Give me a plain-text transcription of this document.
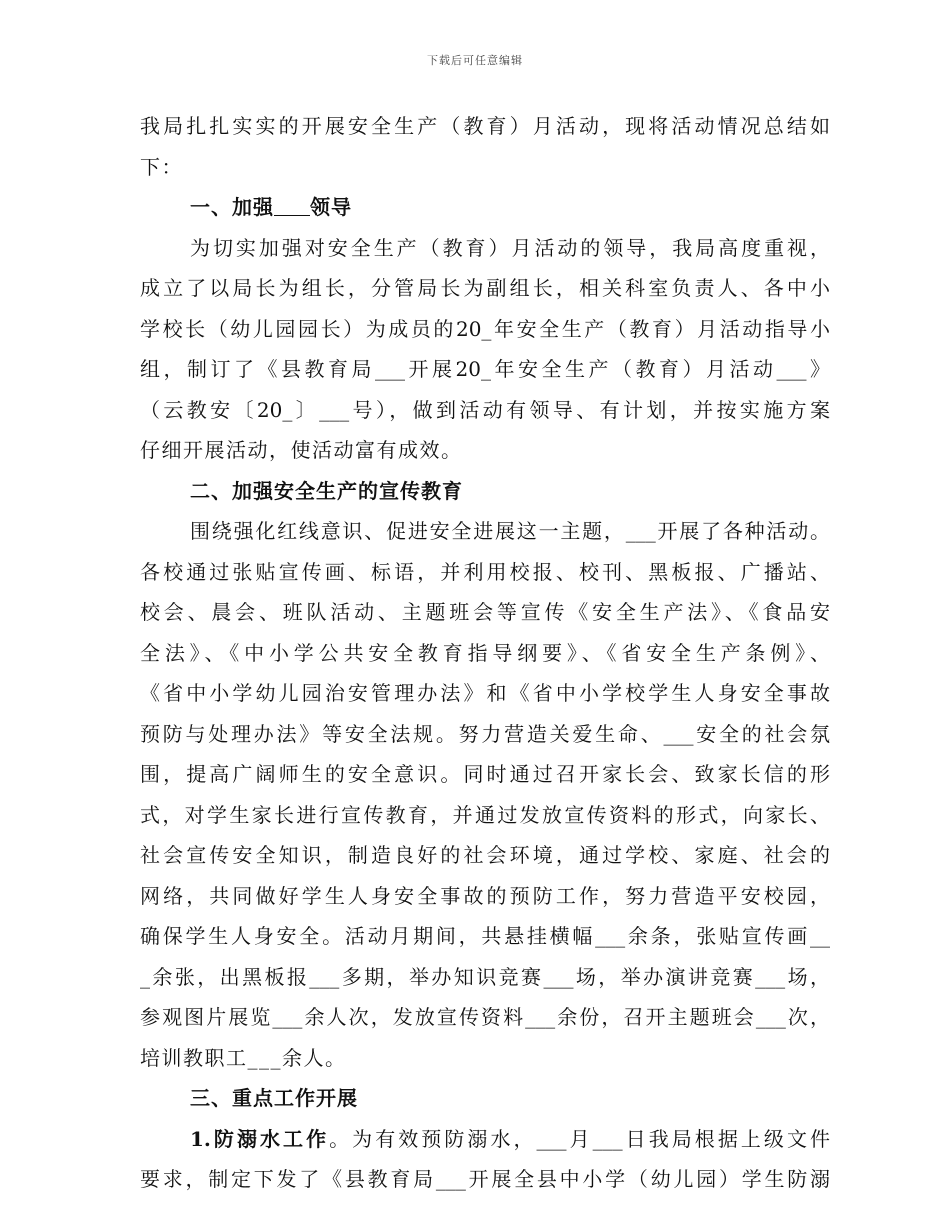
下载后可任意编辑
我局扎扎实实的开展安全生产（教育）月活动，现将活动情况总结如
下：
一、加强 领导
为切实加强对安全生产（教育）月活动的领导，我局高度重视，
成立了以局长为组长，分管局长为副组长，相关科室负责人、各中小
学校长（幼儿园园长）为成员的20_年安全生产（教育）月活动指导小
组，制订了《县教育局___开展20_年安全生产（教育）月活动___》
（云教安〔20_〕___号），做到活动有领导、有计划，并按实施方案
仔细开展活动，使活动富有成效。
二、加强安全生产的宣传教育
围绕强化红线意识、促进安全进展这一主题，___开展了各种活动。
各校通过张贴宣传画、标语，并利用校报、校刊、黑板报、广播站、
校会、晨会、班队活动、主题班会等宣传《安全生产法》、《食品安
全法》、《中小学公共安全教育指导纲要》、《省安全生产条例》、
《省中小学幼儿园治安管理办法》和《省中小学校学生人身安全事故
预防与处理办法》等安全法规。努力营造关爱生命、___安全的社会氛
围，提高广阔师生的安全意识。同时通过召开家长会、致家长信的形
式，对学生家长进行宣传教育，并通过发放宣传资料的形式，向家长、
社会宣传安全知识，制造良好的社会环境，通过学校、家庭、社会的
网络，共同做好学生人身安全事故的预防工作，努力营造平安校园，
确保学生人身安全。活动月期间，共悬挂横幅___余条，张贴宣传画__
_余张，出黑板报___多期，举办知识竞赛___场，举办演讲竞赛___场，
参观图片展览___余人次，发放宣传资料___余份，召开主题班会___次，
培训教职工___余人。
三、重点工作开展
1.防溺水工作。为有效预防溺水，___月___日我局根据上级文件
要求，制定下发了《县教育局___开展全县中小学（幼儿园）学生防溺
